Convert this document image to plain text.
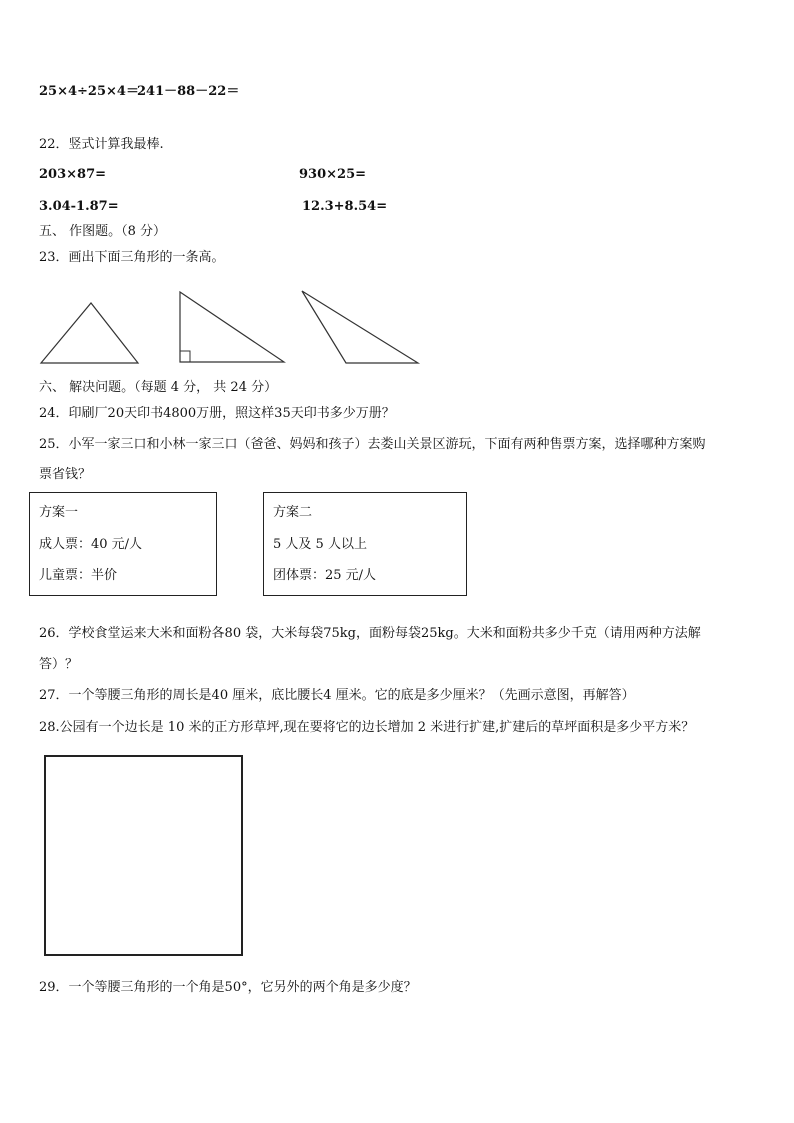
25×4÷25×4＝
241－88－22＝
22．竖式计算我最棒.
203×87=	930×25=
3.04-1.87=	12.3+8.54=
五、 作图题。（8 分）
23．画出下面三角形的一条高。
六、 解决问题。（每题 4 分， 共 24 分）
24．印刷厂20天印书4800万册，照这样35天印书多少万册？
25．小军一家三口和小林一家三口（爸爸、妈妈和孩子）去娄山关景区游玩，下面有两种售票方案，选择哪种方案购
票省钱？
方案一
成人票：40 元/人
儿童票：半价
方案二
5 人及 5 人以上
团体票：25 元/人
26．学校食堂运来大米和面粉各80 袋，大米每袋75kg，面粉每袋25kg。大米和面粉共多少千克（请用两种方法解
答）？
27．一个等腰三角形的周长是40 厘米，底比腰长4 厘米。它的底是多少厘米？（先画示意图，再解答）
28.公园有一个边长是 10 米的正方形草坪,现在要将它的边长增加 2 米进行扩建,扩建后的草坪面积是多少平方米？
29．一个等腰三角形的一个角是50°，它另外的两个角是多少度？
